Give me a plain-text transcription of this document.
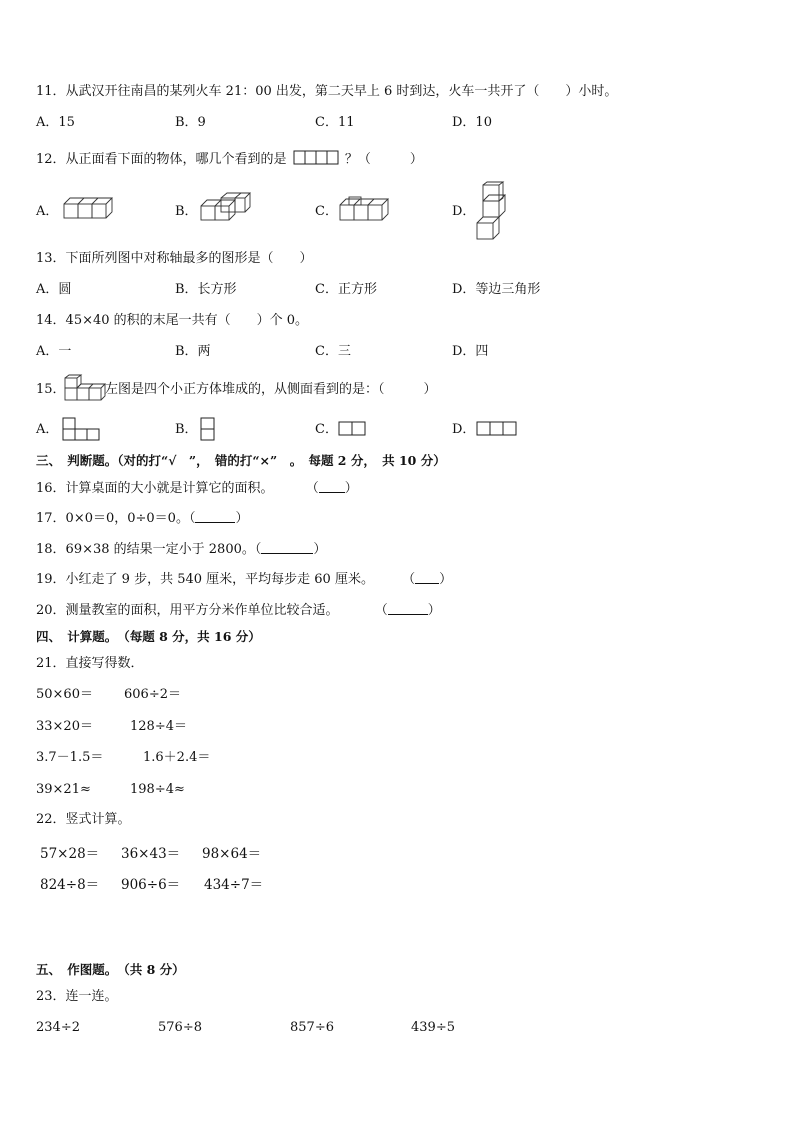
11．从武汉开往南昌的某列火车 21：00 出发，第二天早上 6 时到达，火车一共开了（　　）小时。
A．15	B．9	C．11	D．10
12．从正面看下面的物体，哪几个看到的是	？（　　　）
A．	B．	C．	D．
13．下面所列图中对称轴最多的图形是（　　）
A．圆	B．长方形	C．正方形	D．等边三角形
14．45×40 的积的末尾一共有（　　）个 0。
A．一	B．两	C．三	D．四
15．	左图是四个小正方体堆成的，从侧面看到的是：（　　　）
A．	B．	C．	D．
三、　判断题。（对的打“√　”，　错的打“×”　。　每题 2 分，　共 10 分）
16．计算桌面的大小就是计算它的面积。 （ ）
17．0×0＝0，0÷0＝0。（	）
18．69×38 的结果一定小于 2800。（	）
19．小红走了 9 步，共 540 厘米，平均每步走 60 厘米。 （ ）
20．测量教室的面积，用平方分米作单位比较合适。	（	）
四、　计算题。　（每题 8 分，共 16 分）
21．直接写得数．
50×60＝ 606÷2＝
33×20＝	128÷4＝
3.7－1.5＝	1.6＋2.4＝
39×21≈	198÷4≈
22．竖式计算。
57×28＝ 36×43＝ 98×64＝
824÷8＝ 906÷6＝ 434÷7＝
五、　作图题。　（共 8 分）
23．连一连。
234÷2	576÷8	857÷6	439÷5
